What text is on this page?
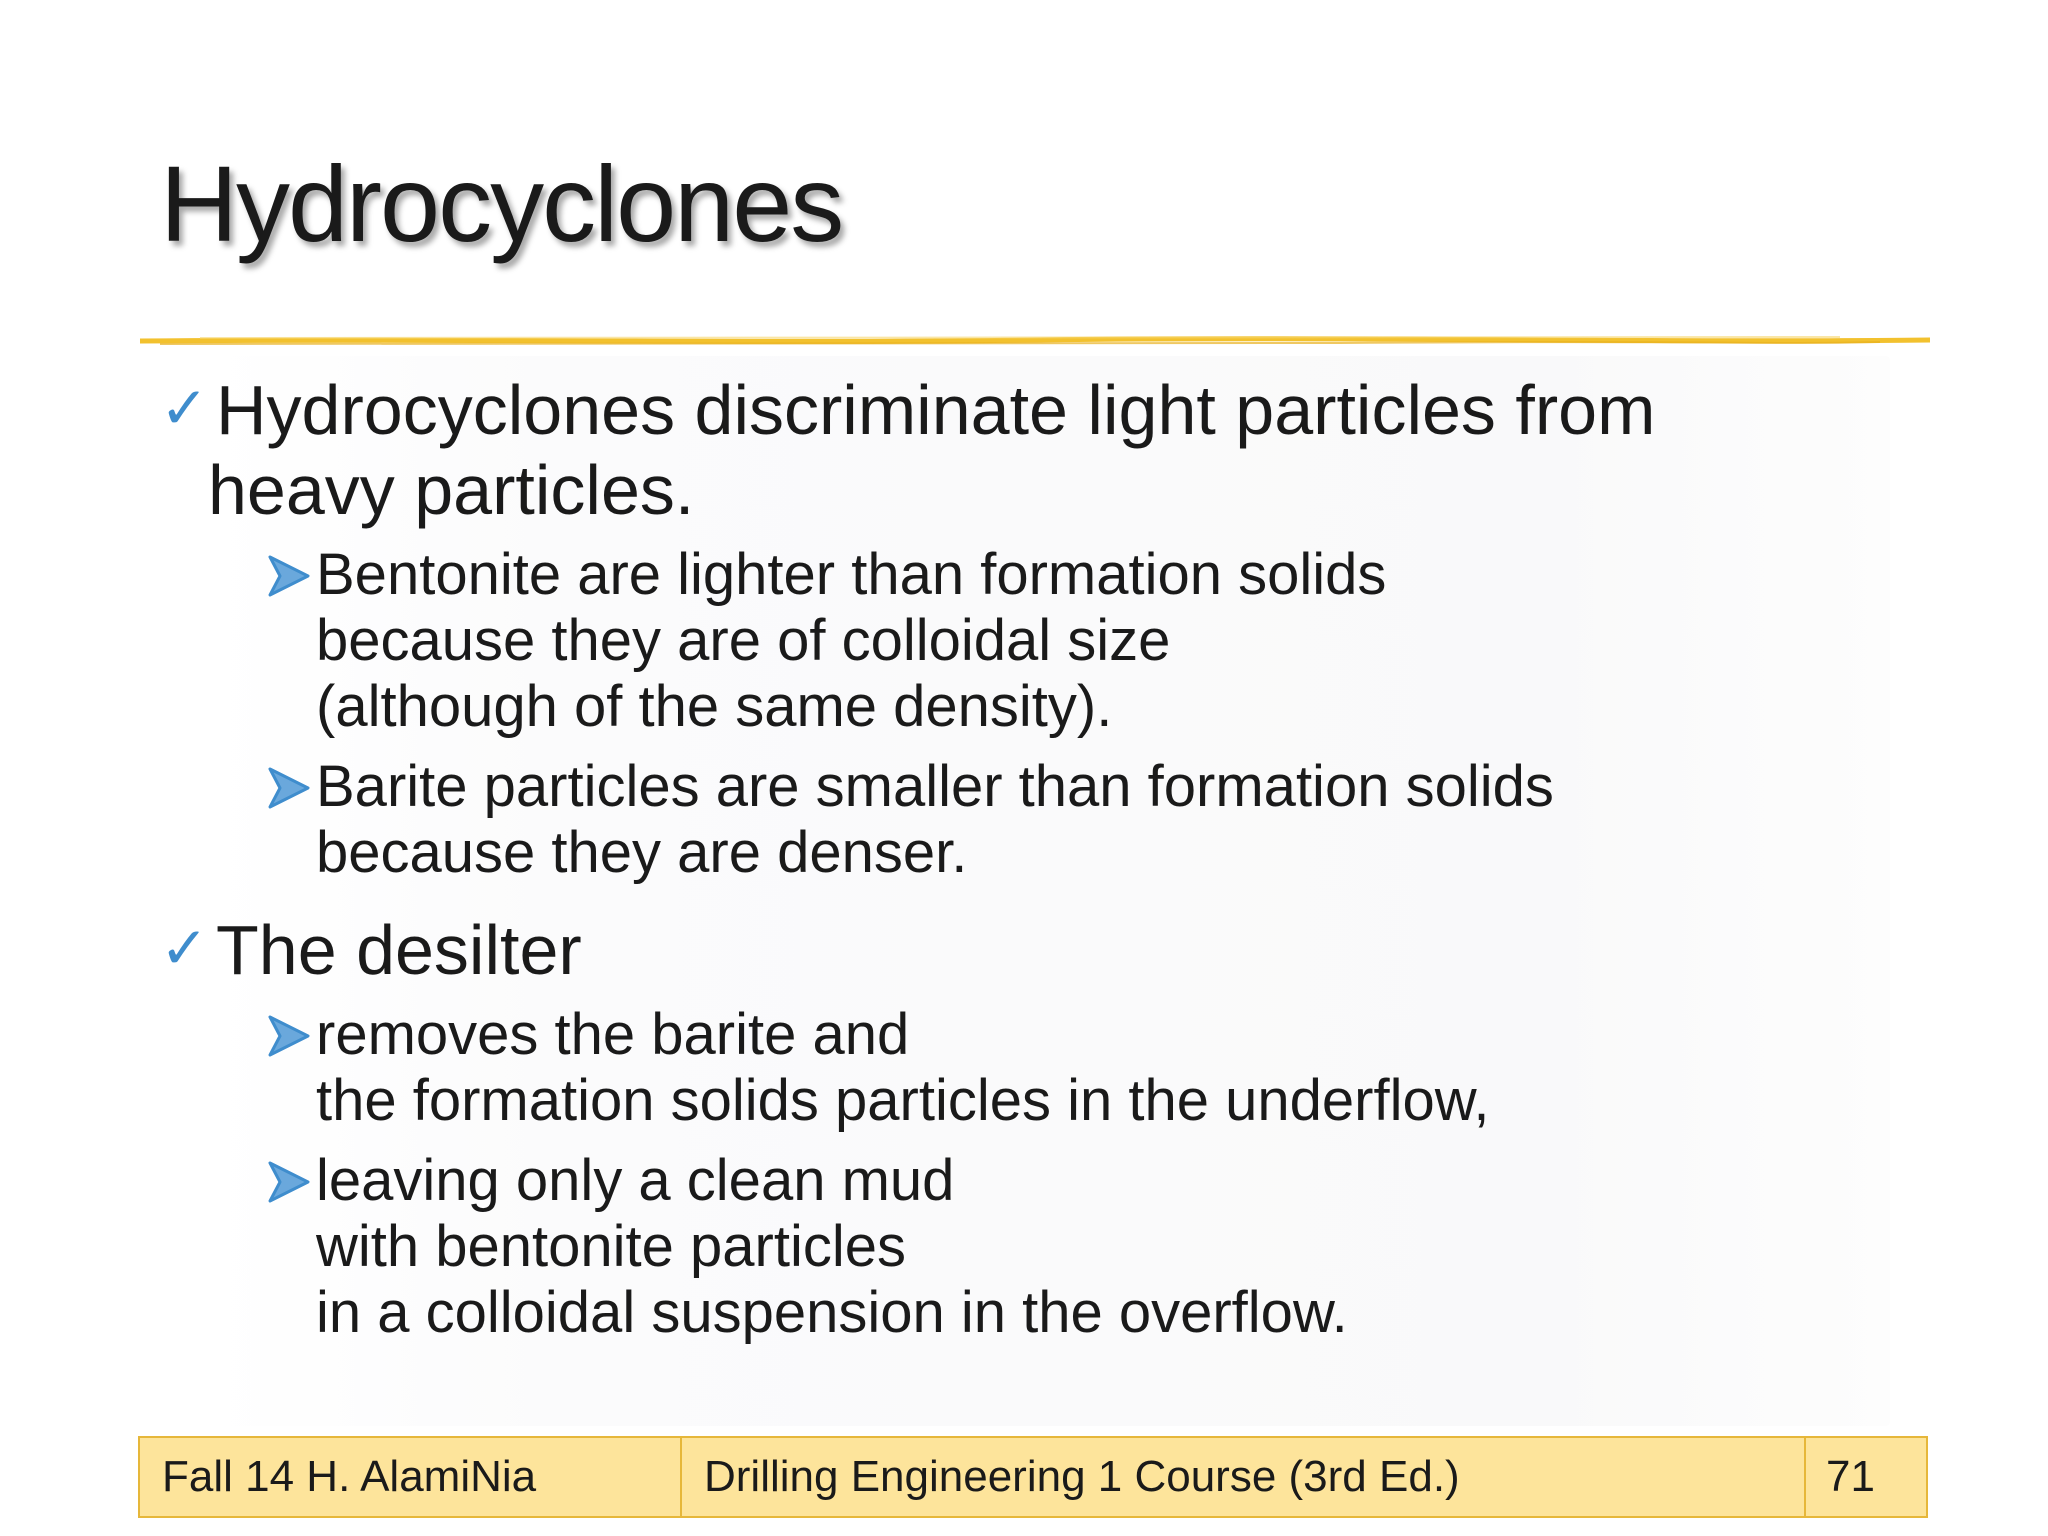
Hydrocyclones
✓ Hydrocyclones discriminate light particles from
heavy particles.
Bentonite are lighter than formation solids
because they are of colloidal size
(although of the same density).
Barite particles are smaller than formation solids
because they are denser.
✓ The desilter
removes the barite and
the formation solids particles in the underflow,
leaving only a clean mud
with bentonite particles
in a colloidal suspension in the overflow.
Fall 14 H. AlamiNia	Drilling Engineering 1 Course (3rd Ed.)	71
